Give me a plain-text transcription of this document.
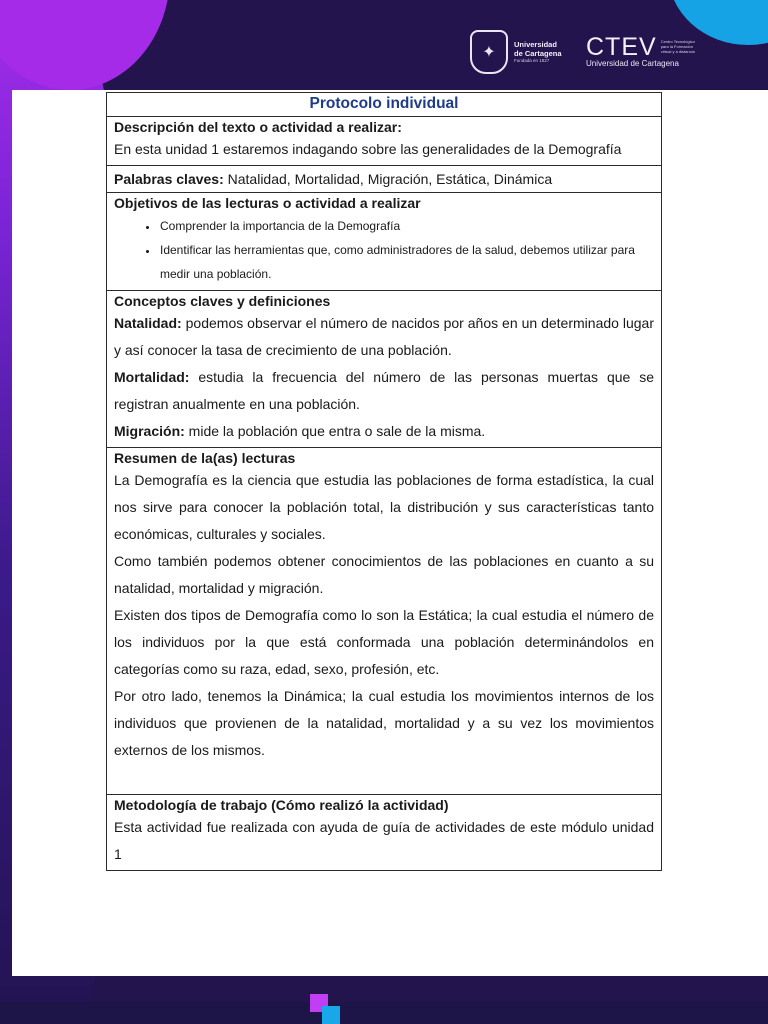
✦	Universidad
de Cartagena
Fundada en 1827	CTEV Centro Tecnológico para la Formación virtual y a distancia
Universidad de Cartagena
Protocolo individual

Descripción del texto o actividad a realizar:

En esta unidad 1 estaremos indagando sobre las generalidades de la Demografía

Palabras claves: Natalidad, Mortalidad, Migración, Estática, Dinámica

Objetivos de las lecturas o actividad a realizar
• Comprender la importancia de la Demografía
• Identificar las herramientas que, como administradores de la salud, debemos utilizar para medir una población.

Conceptos claves y definiciones

Natalidad: podemos observar el número de nacidos por años en un determinado lugar y así conocer la tasa de crecimiento de una población.

Mortalidad: estudia la frecuencia del número de las personas muertas que se registran anualmente en una población.

Migración: mide la población que entra o sale de la misma.

Resumen de la(as) lecturas

La Demografía es la ciencia que estudia las poblaciones de forma estadística, la cual nos sirve para conocer la población total, la distribución y sus características tanto económicas, culturales y sociales.

Como también podemos obtener conocimientos de las poblaciones en cuanto a su natalidad, mortalidad y migración.

Existen dos tipos de Demografía como lo son la Estática; la cual estudia el número de los individuos por la que está conformada una población determinándolos en categorías como su raza, edad, sexo, profesión, etc.

Por otro lado, tenemos la Dinámica; la cual estudia los movimientos internos de los individuos que provienen de la natalidad, mortalidad y a su vez los movimientos externos de los mismos.

Metodología de trabajo (Cómo realizó la actividad)

Esta actividad fue realizada con ayuda de guía de actividades de este módulo unidad 1
